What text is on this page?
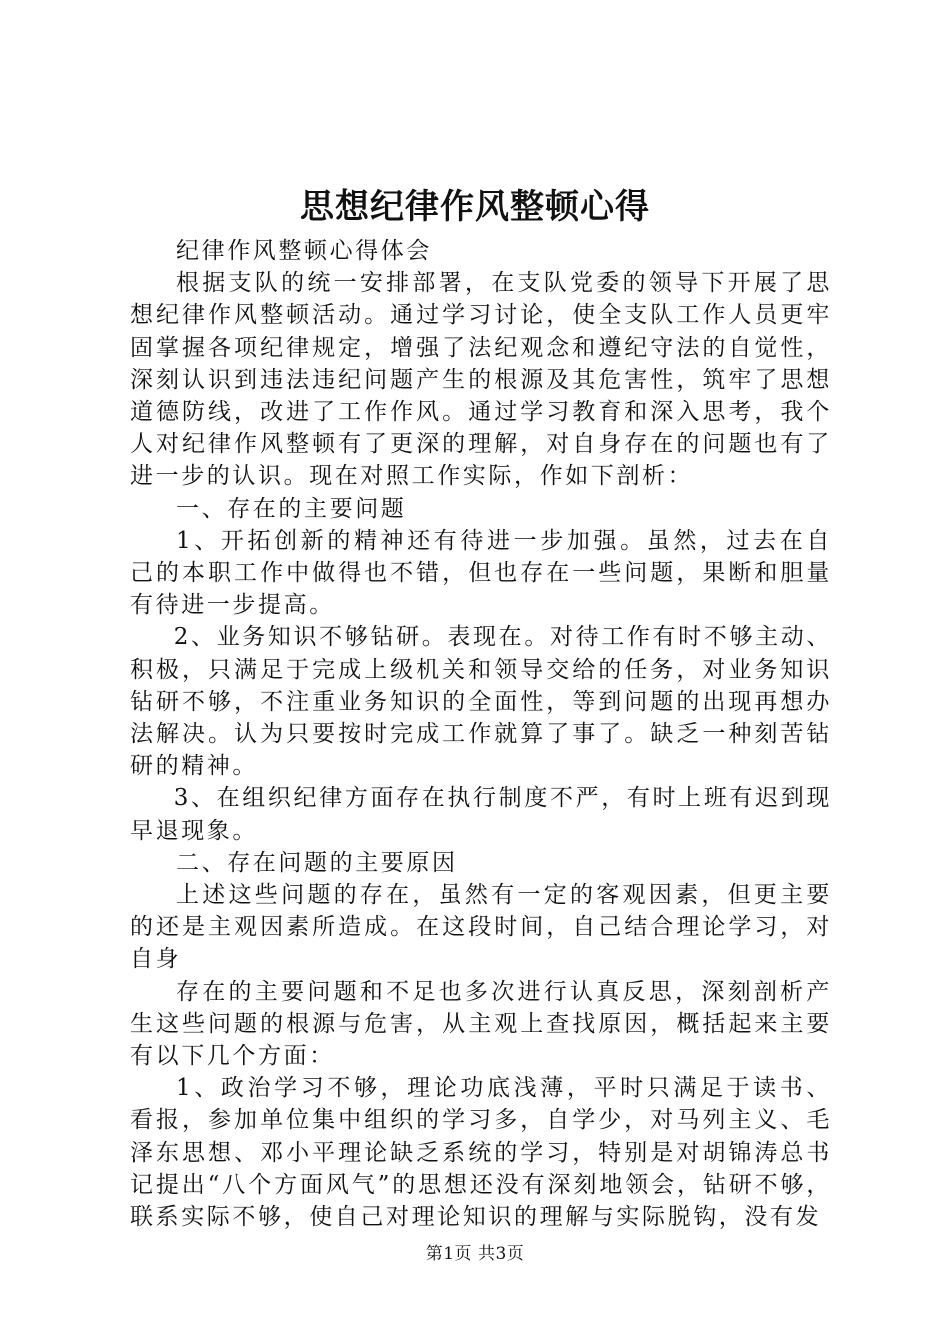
思想纪律作风整顿心得

纪律作风整顿心得体会

根据支队的统一安排部署，在支队党委的领导下开展了思想纪律作风整顿活动。通过学习讨论，使全支队工作人员更牢固掌握各项纪律规定，增强了法纪观念和遵纪守法的自觉性，深刻认识到违法违纪问题产生的根源及其危害性，筑牢了思想道德防线，改进了工作作风。通过学习教育和深入思考，我个人对纪律作风整顿有了更深的理解，对自身存在的问题也有了进一步的认识。现在对照工作实际，作如下剖析：

一、存在的主要问题

1、开拓创新的精神还有待进一步加强。虽然，过去在自己的本职工作中做得也不错，但也存在一些问题，果断和胆量有待进一步提高。

2、业务知识不够钻研。表现在。对待工作有时不够主动、积极，只满足于完成上级机关和领导交给的任务，对业务知识钻研不够，不注重业务知识的全面性，等到问题的出现再想办法解决。认为只要按时完成工作就算了事了。缺乏一种刻苦钻研的精神。

3、在组织纪律方面存在执行制度不严，有时上班有迟到现早退现象。

二、存在问题的主要原因

上述这些问题的存在，虽然有一定的客观因素，但更主要的还是主观因素所造成。在这段时间，自己结合理论学习，对自身

存在的主要问题和不足也多次进行认真反思，深刻剖析产生这些问题的根源与危害，从主观上查找原因，概括起来主要有以下几个方面：

1、政治学习不够，理论功底浅薄，平时只满足于读书、看报，参加单位集中组织的学习多，自学少，对马列主义、毛泽东思想、邓小平理论缺乏系统的学习，特别是对胡锦涛总书记提出“八个方面风气”的思想还没有深刻地领会，钻研不够，联系实际不够，使自己对理论知识的理解与实际脱钩，没有发

第1页 共3页
